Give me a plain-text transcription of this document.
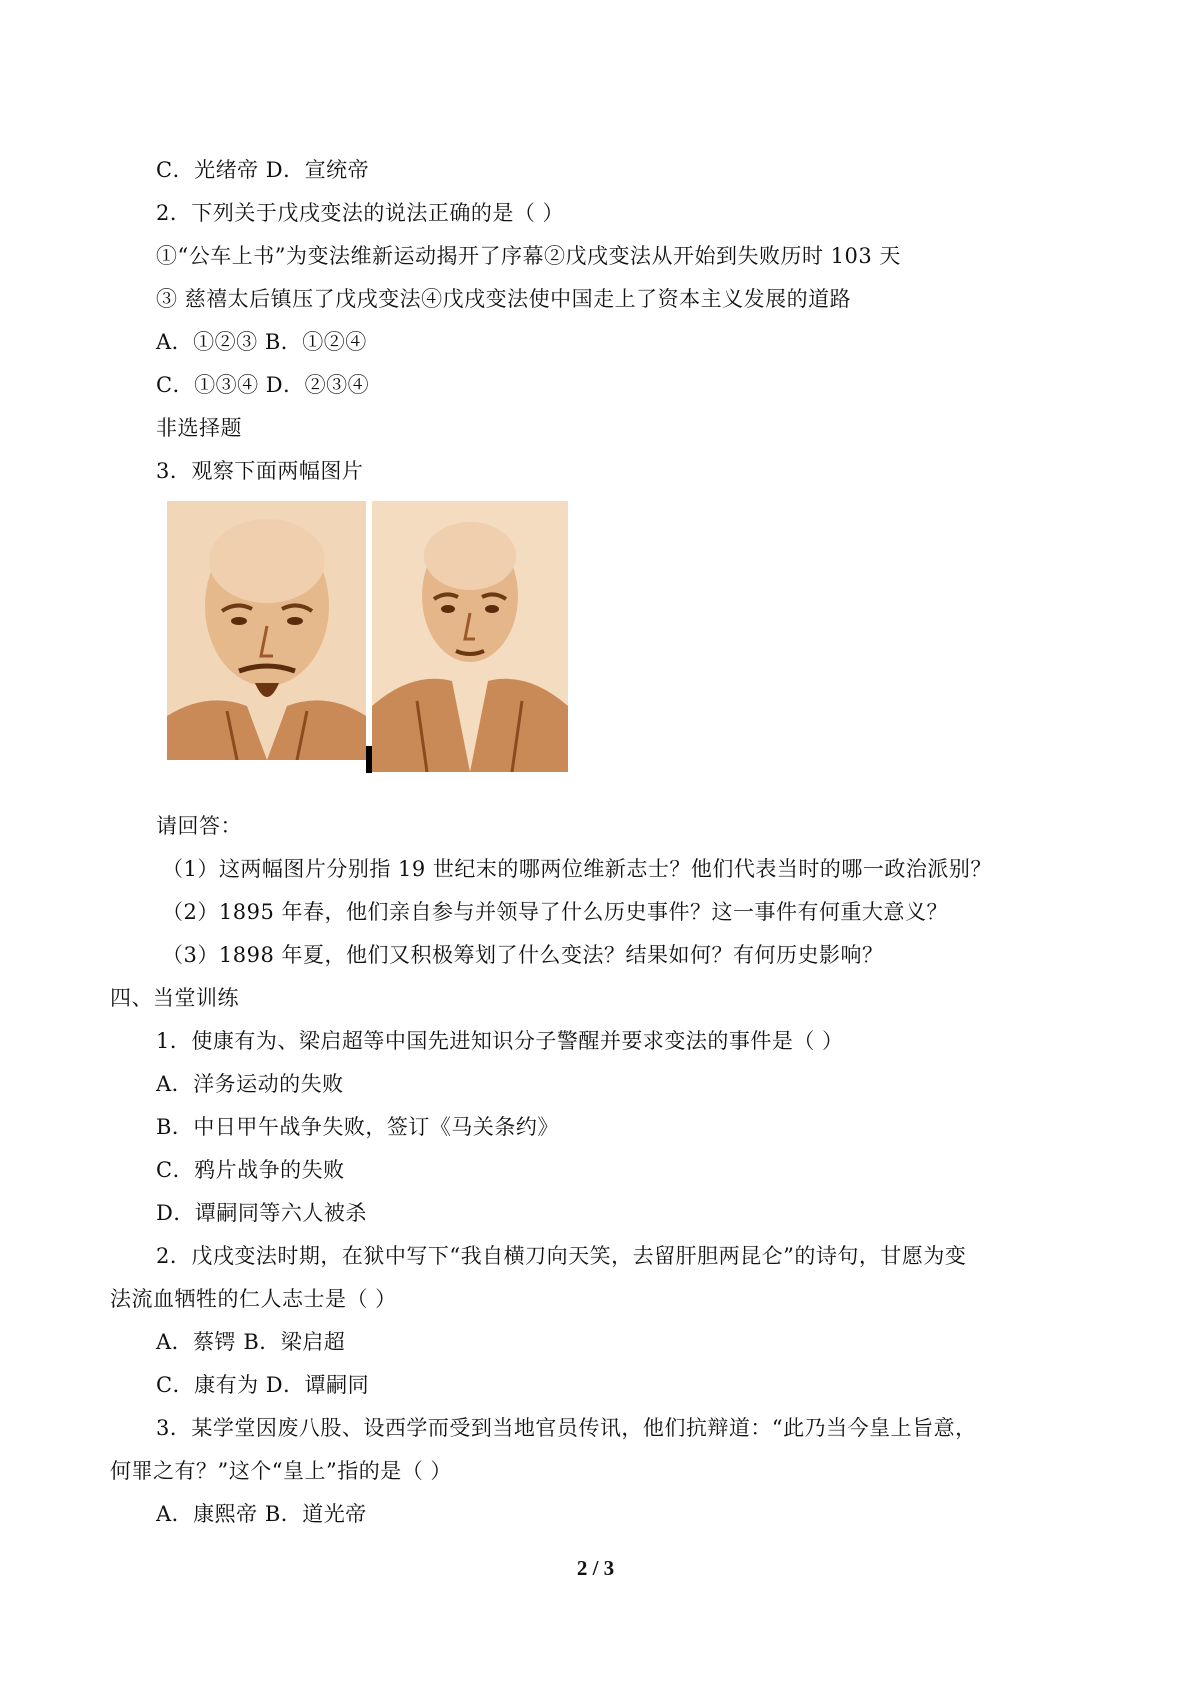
C．光绪帝 D．宣统帝
2．下列关于戊戌变法的说法正确的是（ ）
①“公车上书”为变法维新运动揭开了序幕②戊戌变法从开始到失败历时 103 天
③ 慈禧太后镇压了戊戌变法④戊戌变法使中国走上了资本主义发展的道路
A．①②③ B．①②④
C．①③④ D．②③④
非选择题
3．观察下面两幅图片
请回答：
（1）这两幅图片分别指 19 世纪末的哪两位维新志士？他们代表当时的哪一政治派别？
（2）1895 年春，他们亲自参与并领导了什么历史事件？这一事件有何重大意义？
（3）1898 年夏，他们又积极筹划了什么变法？结果如何？有何历史影响？
四、当堂训练
1．使康有为、梁启超等中国先进知识分子警醒并要求变法的事件是（ ）
A．洋务运动的失败
B．中日甲午战争失败，签订《马关条约》
C．鸦片战争的失败
D．谭嗣同等六人被杀
2．戊戌变法时期，在狱中写下“我自横刀向天笑，去留肝胆两昆仑”的诗句，甘愿为变
法流血牺牲的仁人志士是（ ）
A．蔡锷 B．梁启超
C．康有为 D．谭嗣同
3．某学堂因废八股、设西学而受到当地官员传讯，他们抗辩道：“此乃当今皇上旨意，
何罪之有？”这个“皇上”指的是（ ）
A．康熙帝 B．道光帝
2 / 3
